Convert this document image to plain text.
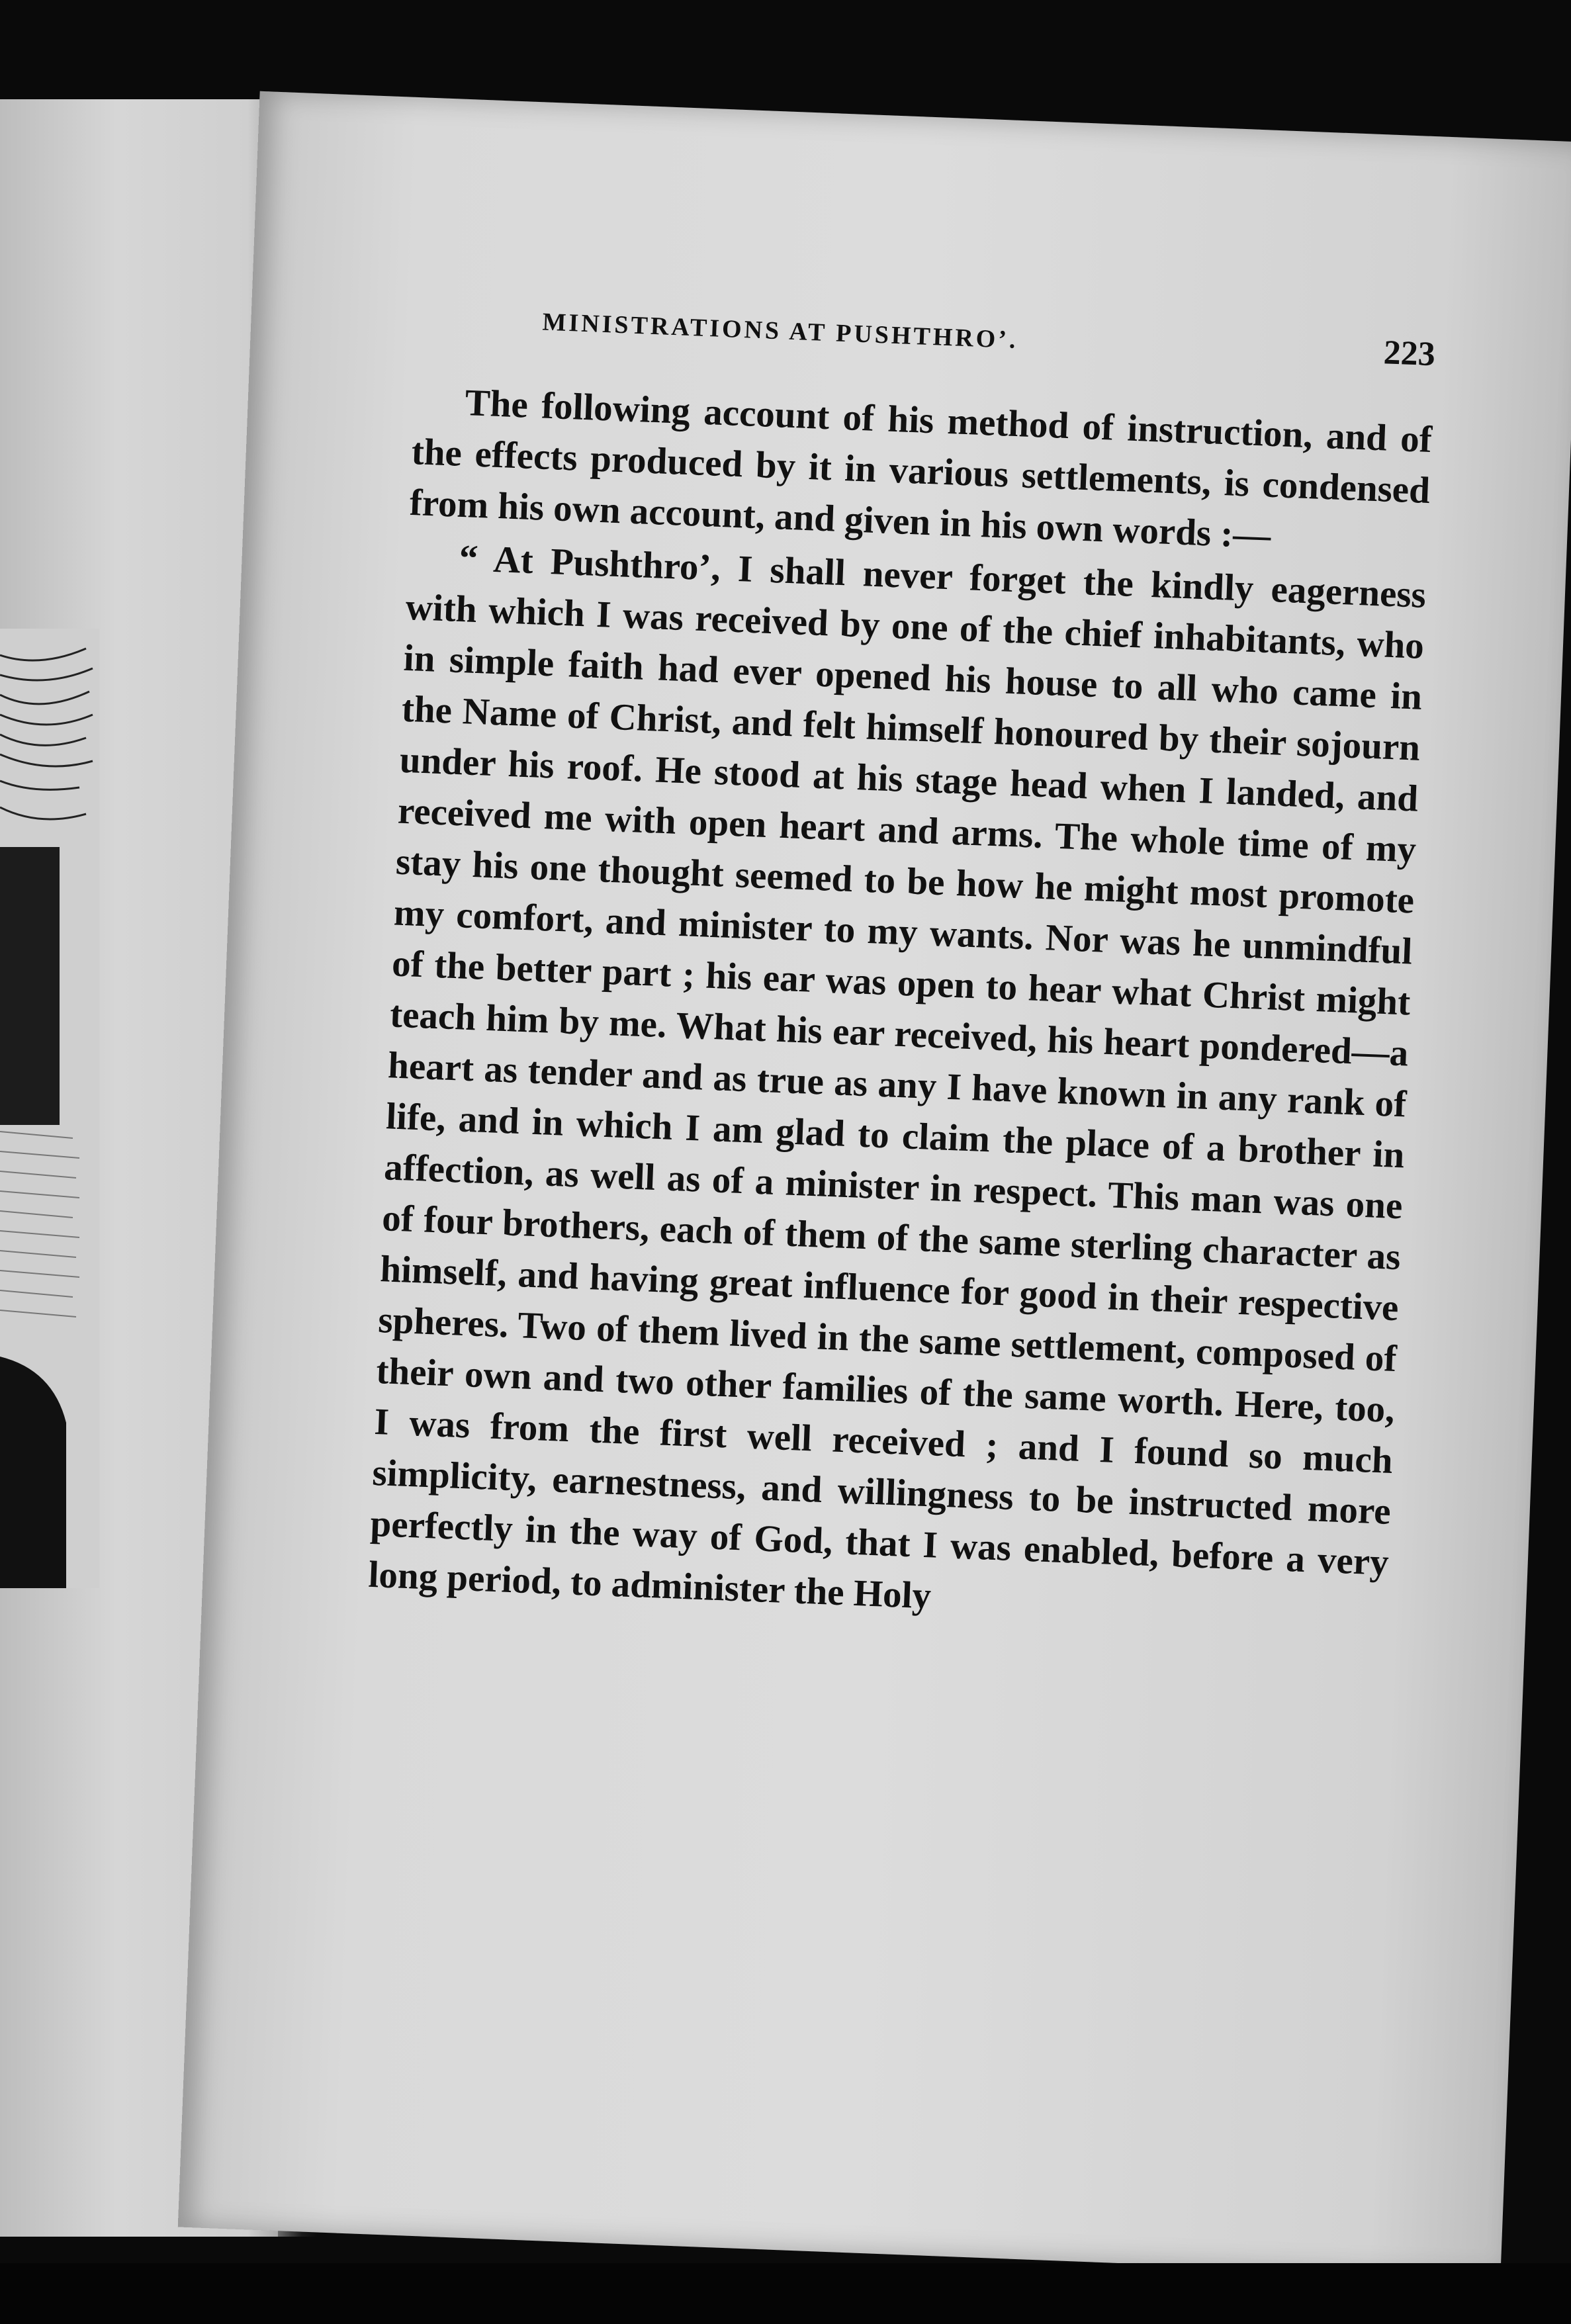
MINISTRATIONS AT PUSHTHRO’.	223

The following account of his method of instruction, and of the effects produced by it in various settlements, is condensed from his own account, and given in his own words :—

“ At Pushthro’, I shall never forget the kindly eagerness with which I was received by one of the chief inhabitants, who in simple faith had ever opened his house to all who came in the Name of Christ, and felt himself honoured by their sojourn under his roof. He stood at his stage head when I landed, and received me with open heart and arms. The whole time of my stay his one thought seemed to be how he might most promote my comfort, and minister to my wants. Nor was he unmindful of the better part ; his ear was open to hear what Christ might teach him by me. What his ear received, his heart pondered—a heart as tender and as true as any I have known in any rank of life, and in which I am glad to claim the place of a brother in affection, as well as of a minister in respect. This man was one of four brothers, each of them of the same sterling character as himself, and having great influence for good in their respective spheres. Two of them lived in the same settlement, composed of their own and two other families of the same worth. Here, too, I was from the first well received ; and I found so much simplicity, earnestness, and willingness to be instructed more perfectly in the way of God, that I was enabled, before a very long period, to administer the Holy
